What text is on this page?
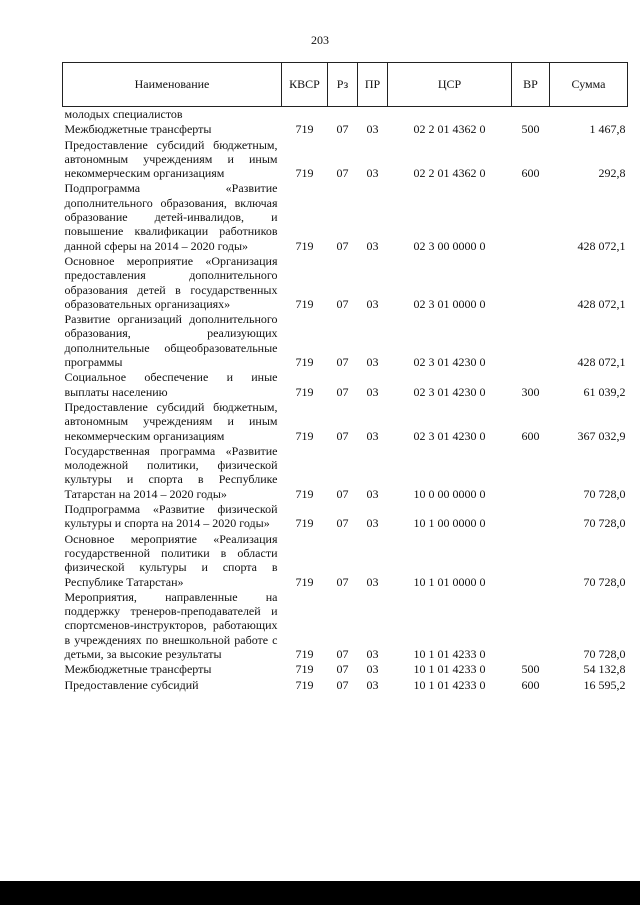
203
Наименование	КВСР	Рз	ПР	ЦСР	ВР	Сумма
молодых специалистов						
Межбюджетные трансферты	719	07	03	02 2 01 4362 0	500	1 467,8
Предоставление субсидий бюджетным, автономным учреждениям и иным некоммерческим организациям	719	07	03	02 2 01 4362 0	600	292,8
Подпрограмма «Развитие дополнительного образования, включая образование детей-инвалидов, и повышение квалификации работников данной сферы на 2014 – 2020 годы»	719	07	03	02 3 00 0000 0		428 072,1
Основное мероприятие «Организация предоставления дополнительного образования детей в государственных образовательных организациях»	719	07	03	02 3 01 0000 0		428 072,1
Развитие организаций дополнительного образования, реализующих дополнительные общеобразовательные программы	719	07	03	02 3 01 4230 0		428 072,1
Социальное обеспечение и иные выплаты населению	719	07	03	02 3 01 4230 0	300	61 039,2
Предоставление субсидий бюджетным, автономным учреждениям и иным некоммерческим организациям	719	07	03	02 3 01 4230 0	600	367 032,9
Государственная программа «Развитие молодежной политики, физической культуры и спорта в Республике Татарстан на 2014 – 2020 годы»	719	07	03	10 0 00 0000 0		70 728,0
Подпрограмма «Развитие физической культуры и спорта на 2014 – 2020 годы»	719	07	03	10 1 00 0000 0		70 728,0
Основное мероприятие «Реализация государственной политики в области физической культуры и спорта в Республике Татарстан»	719	07	03	10 1 01 0000 0		70 728,0
Мероприятия, направленные на поддержку тренеров-преподавателей и спортсменов-инструкторов, работающих в учреждениях по внешкольной работе с детьми, за высокие результаты	719	07	03	10 1 01 4233 0		70 728,0
Межбюджетные трансферты	719	07	03	10 1 01 4233 0	500	54 132,8
Предоставление субсидий	719	07	03	10 1 01 4233 0	600	16 595,2
